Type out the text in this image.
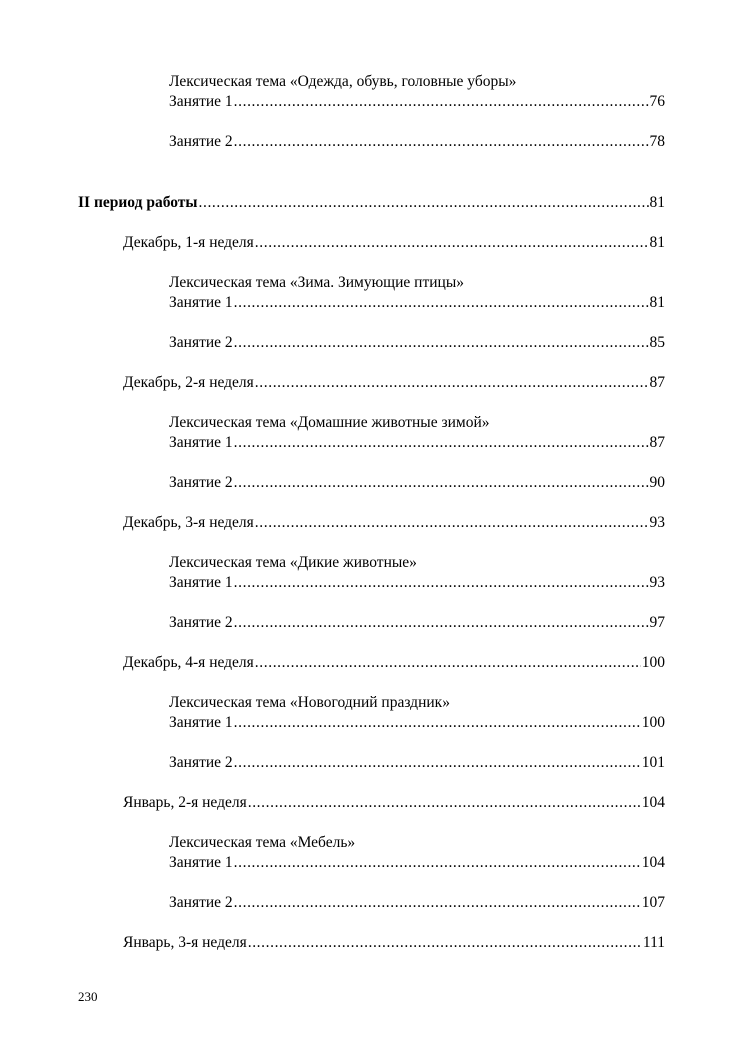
Лексическая тема «Одежда, обувь, головные уборы»
Занятие 1 .....	76
Занятие 2 .....	78
II период работы .....	81
Декабрь, 1-я неделя .....	81
Лексическая тема «Зима. Зимующие птицы»
Занятие 1 .....	81
Занятие 2 .....	85
Декабрь, 2-я неделя .....	87
Лексическая тема «Домашние животные зимой»
Занятие 1 .....	87
Занятие 2 .....	90
Декабрь, 3-я неделя .....	93
Лексическая тема «Дикие животные»
Занятие 1 .....	93
Занятие 2 .....	97
Декабрь, 4-я неделя .....	100
Лексическая тема «Новогодний праздник»
Занятие 1 .....	100
Занятие 2 .....	101
Январь, 2-я неделя .....	104
Лексическая тема «Мебель»
Занятие 1 .....	104
Занятие 2 .....	107
Январь, 3-я неделя .....	111
230
